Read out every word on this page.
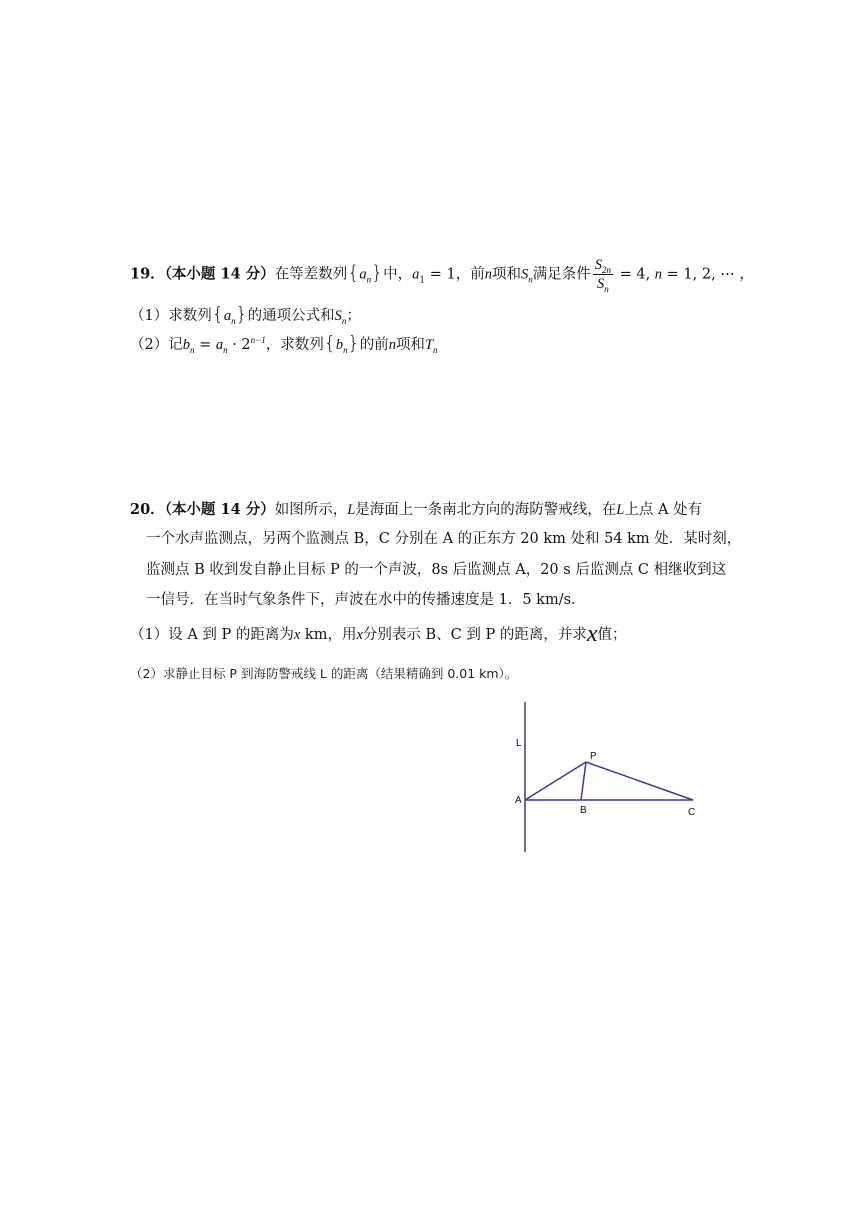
19．（本小题 14 分）在等差数列$\{a_n\}$中，$a_1 = 1$，前n项和$S_n$满足条件 $\frac{S_{2n}}{S_n} = 4$, n = 1, 2, ⋯ ，
（1）求数列$\{a_n\}$的通项公式和$S_n$；
（2）记$b_n = a_n \cdot 2^{n-1}$，求数列$\{b_n\}$的前n项和$T_n$
20．（本小题 14 分）如图所示，L是海面上一条南北方向的海防警戒线，在L上点 A 处有
一个水声监测点，另两个监测点 B，C 分别在 A 的正东方 20 km 处和 54 km 处．某时刻，
监测点 B 收到发自静止目标 P 的一个声波，8s 后监测点 A，20 s 后监测点 C 相继收到这
一信号．在当时气象条件下，声波在水中的传播速度是 1．5 km/s．
（1）设 A 到 P 的距离为x km，用x分别表示 B、C 到 P 的距离，并求x值；
（2）求静止目标 P 到海防警戒线 L 的距离（结果精确到 0.01 km）。
L
P
A
B	C
